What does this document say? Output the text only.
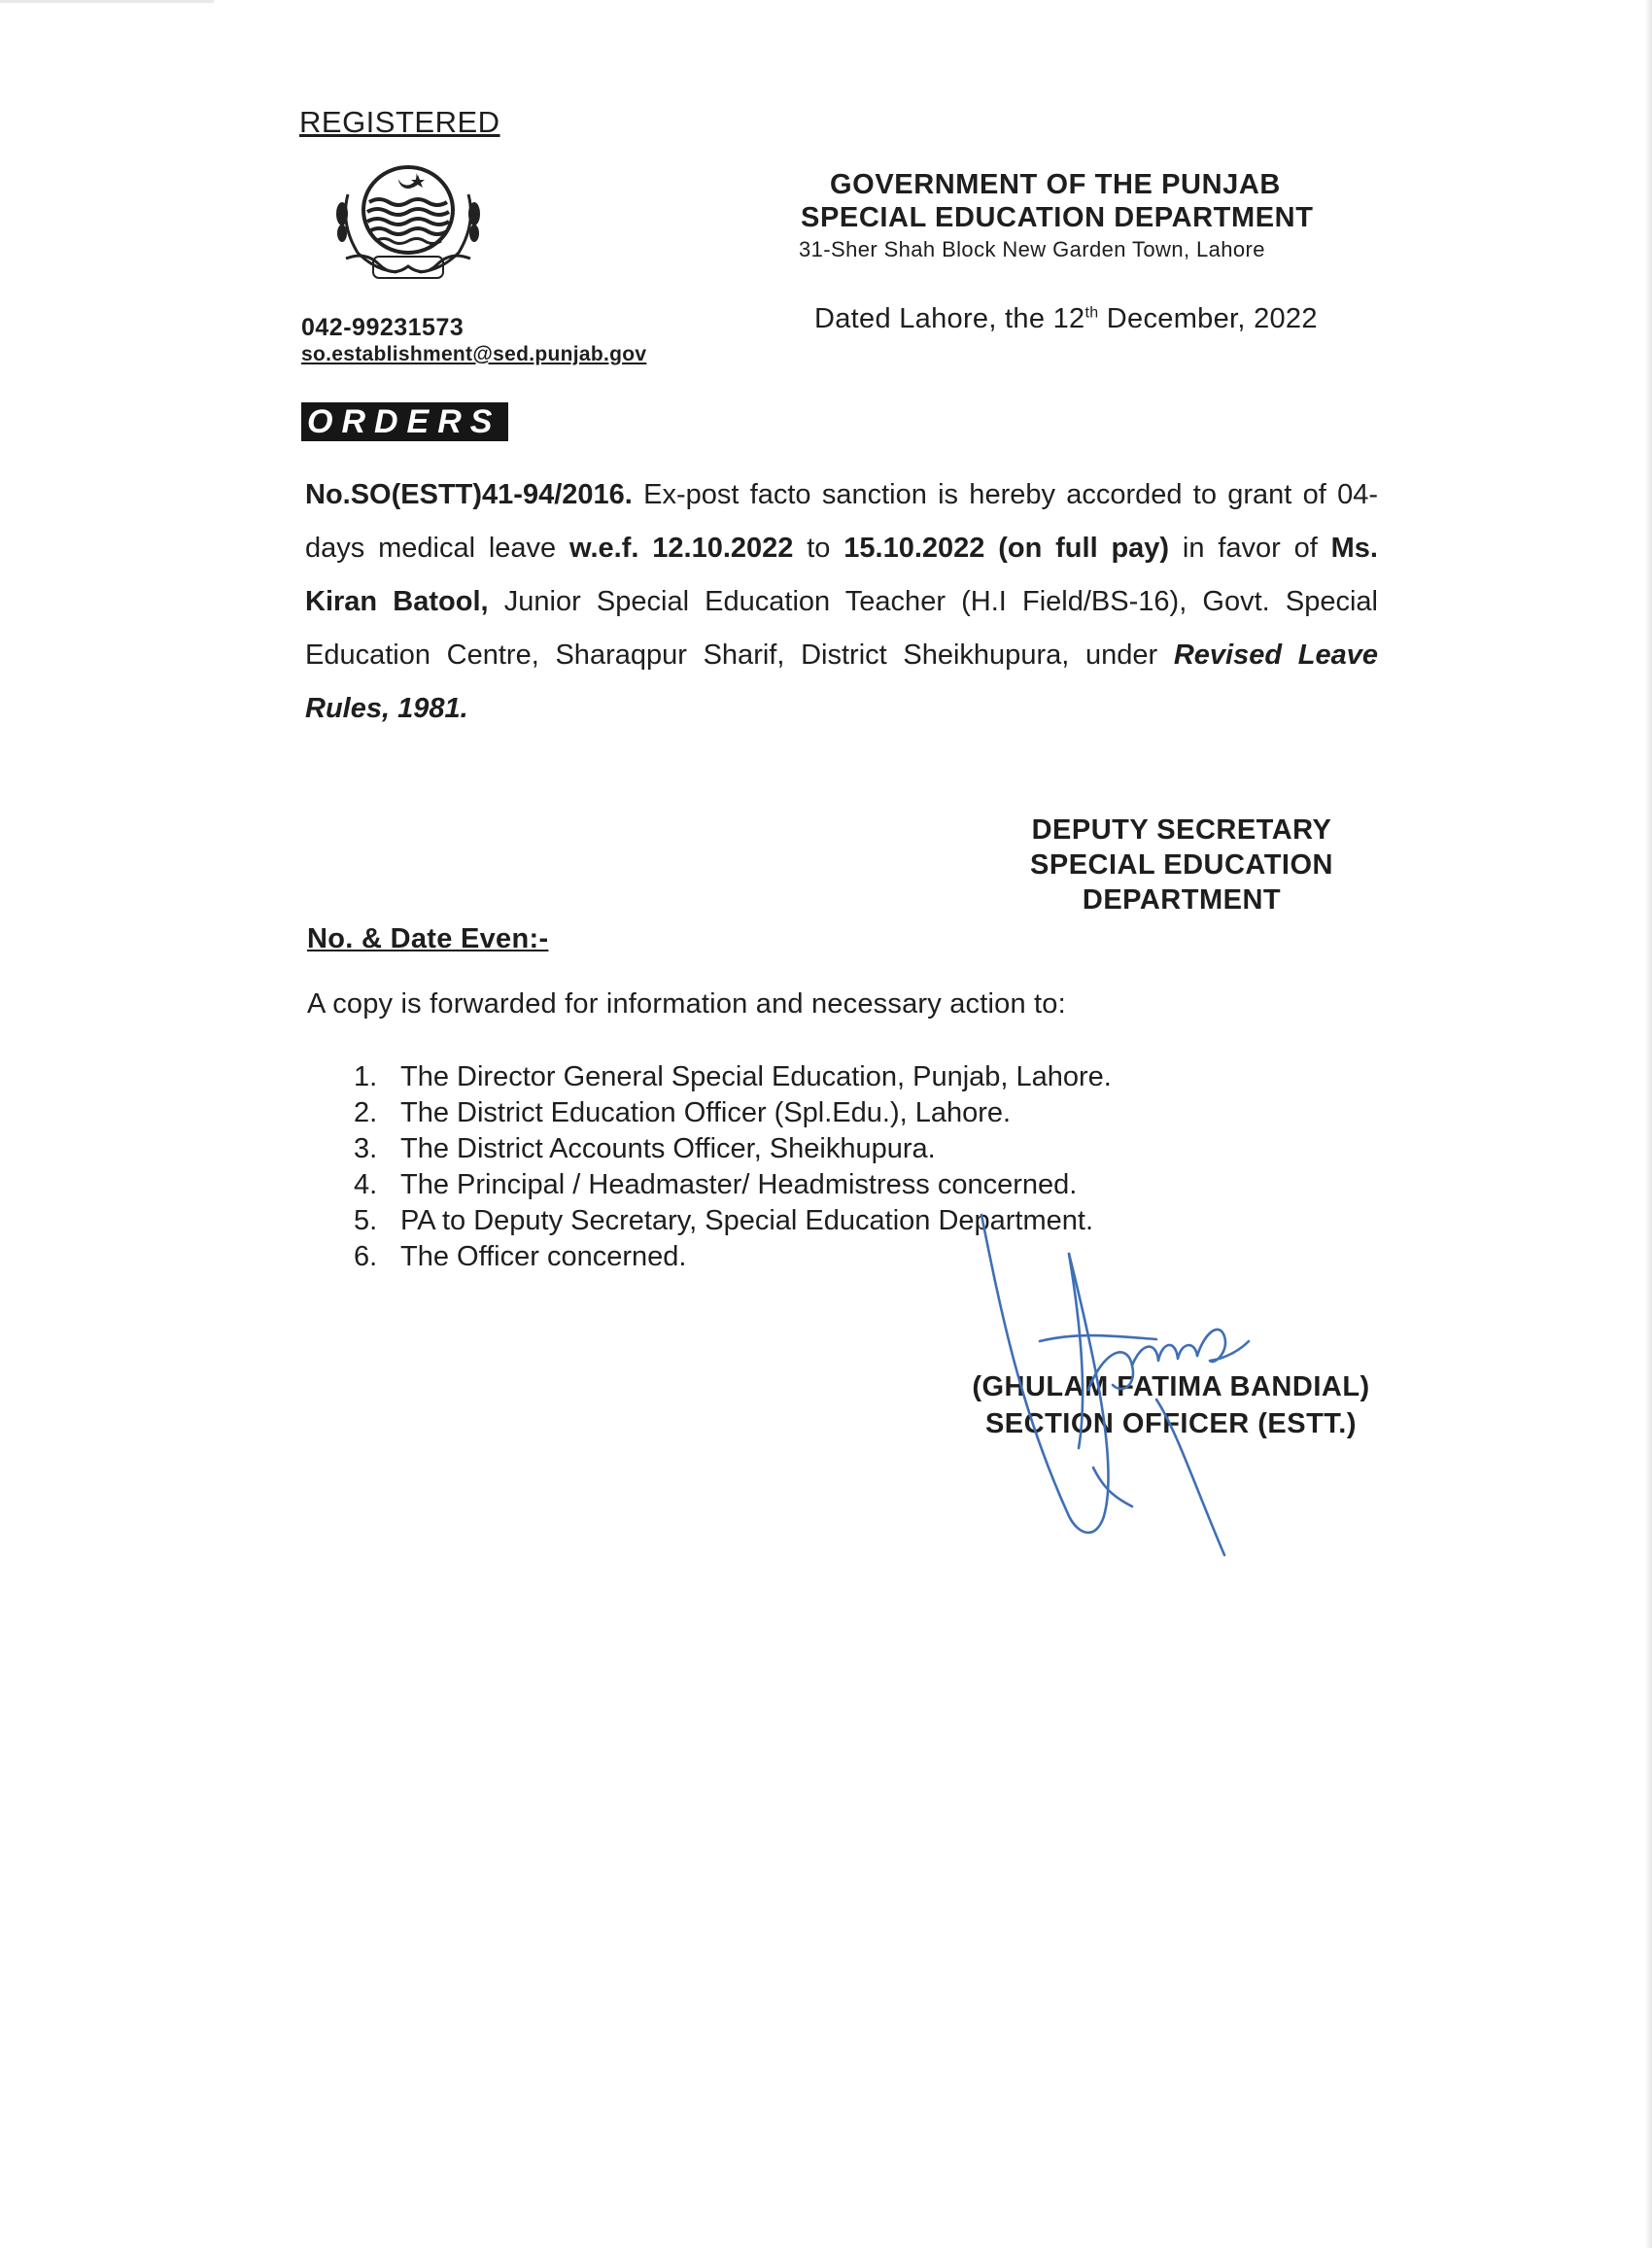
REGISTERED
042-99231573
so.establishment@sed.punjab.gov
GOVERNMENT OF THE PUNJAB
SPECIAL EDUCATION DEPARTMENT
31-Sher Shah Block New Garden Town, Lahore
Dated Lahore, the 12th December, 2022
ORDERS
No.SO(ESTT)41-94/2016. Ex-post facto sanction is hereby accorded to grant of 04-days medical leave w.e.f. 12.10.2022 to 15.10.2022 (on full pay) in favor of Ms. Kiran Batool, Junior Special Education Teacher (H.I Field/BS-16), Govt. Special Education Centre, Sharaqpur Sharif, District Sheikhupura, under Revised Leave Rules, 1981.
DEPUTY SECRETARY
SPECIAL EDUCATION
DEPARTMENT
No. & Date Even:-
A copy is forwarded for information and necessary action to:
1. The Director General Special Education, Punjab, Lahore.
2. The District Education Officer (Spl.Edu.), Lahore.
3. The District Accounts Officer, Sheikhupura.
4. The Principal / Headmaster/ Headmistress concerned.
5. PA to Deputy Secretary, Special Education Department.
6. The Officer concerned.
(GHULAM FATIMA BANDIAL)
SECTION OFFICER (ESTT.)
